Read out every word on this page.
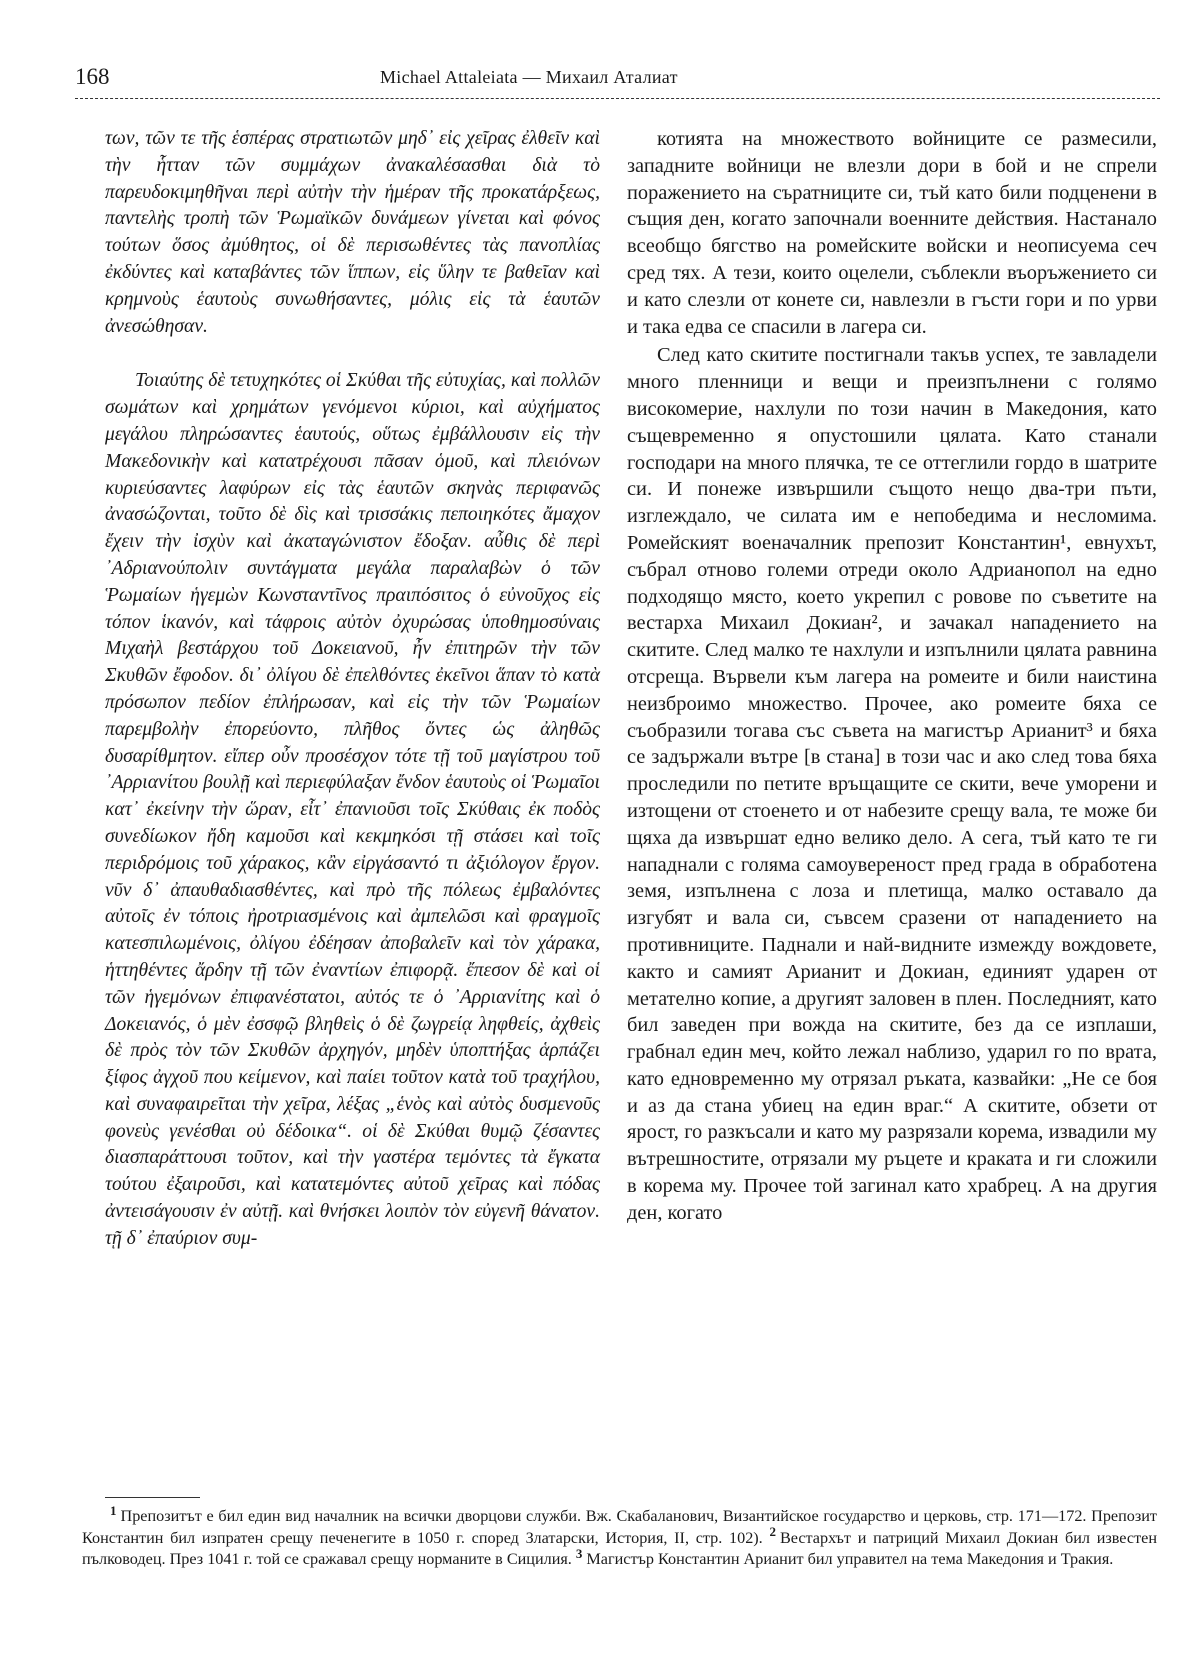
168	Michael Attaleiata — Михаил Аталиат

των, τῶν τε τῆς ἑσπέρας στρατιωτῶν μηδ᾽ εἰς χεῖρας ἐλθεῖν καὶ τὴν ἧτταν τῶν συμμάχων ἀνακαλέσασθαι διὰ τὸ παρευδοκιμηθῆναι περὶ αὐτὴν τὴν ἡμέραν τῆς προκατάρξεως, παντελὴς τροπὴ τῶν Ῥωμαϊκῶν δυνάμεων γίνεται καὶ φόνος τούτων ὅσος ἀμύθητος, οἱ δὲ περισωθέντες τὰς πανοπλίας ἐκδύντες καὶ καταβάντες τῶν ἵππων, εἰς ὕλην τε βαθεῖαν καὶ κρημνοὺς ἑαυτοὺς συνωθήσαντες, μόλις εἰς τὰ ἑαυτῶν ἀνεσώθησαν.

Τοιαύτης δὲ τετυχηκότες οἱ Σκύθαι τῆς εὐτυχίας, καὶ πολλῶν σωμάτων καὶ χρημάτων γενόμενοι κύριοι, καὶ αὐχήματος μεγάλου πληρώσαντες ἑαυτούς, οὕτως ἐμβάλλουσιν εἰς τὴν Μακεδονικὴν καὶ κατατρέχουσι πᾶσαν ὁμοῦ, καὶ πλειόνων κυριεύσαντες λαφύρων εἰς τὰς ἑαυτῶν σκηνὰς περιφανῶς ἀνασώζονται, τοῦτο δὲ δὶς καὶ τρισσάκις πεποιηκότες ἄμαχον ἔχειν τὴν ἰσχὺν καὶ ἀκαταγώνιστον ἔδοξαν. αὖθις δὲ περὶ ᾿Αδριανούπολιν συντάγματα μεγάλα παραλαβὼν ὁ τῶν Ῥωμαίων ἡγεμὼν Κωνσταντῖνος πραιπόσιτος ὁ εὐνοῦχος εἰς τόπον ἱκανόν, καὶ τάφροις αὐτὸν ὀχυρώσας ὑποθημοσύναις Μιχαὴλ βεστάρχου τοῦ Δοκειανοῦ, ἦν ἐπιτηρῶν τὴν τῶν Σκυθῶν ἔφοδον. δι᾽ ὀλίγου δὲ ἐπελθόντες ἐκεῖνοι ἅπαν τὸ κατὰ πρόσωπον πεδίον ἐπλήρωσαν, καὶ εἰς τὴν τῶν Ῥωμαίων παρεμβολὴν ἐπορεύοντο, πλῆθος ὄντες ὡς ἀληθῶς δυσαρίθμητον. εἴπερ οὖν προσέσχον τότε τῇ τοῦ μαγίστρου τοῦ ᾿Αρριανίτου βουλῇ καὶ περιεφύλαξαν ἔνδον ἑαυτοὺς οἱ Ῥωμαῖοι κατ᾽ ἐκείνην τὴν ὥραν, εἶτ᾽ ἐπανιοῦσι τοῖς Σκύθαις ἐκ ποδὸς συνεδίωκον ἤδη καμοῦσι καὶ κεκμηκόσι τῇ στάσει καὶ τοῖς περιδρόμοις τοῦ χάρακος, κἂν εἰργάσαντό τι ἀξιόλογον ἔργον. νῦν δ᾽ ἀπαυθαδιασθέντες, καὶ πρὸ τῆς πόλεως ἐμβαλόντες αὐτοῖς ἐν τόποις ἠροτριασμένοις καὶ ἀμπελῶσι καὶ φραγμοῖς κατεσπιλωμένοις, ὀλίγου ἐδέησαν ἀποβαλεῖν καὶ τὸν χάρακα, ἡττηθέντες ἄρδην τῇ τῶν ἐναντίων ἐπιφορᾷ. ἔπεσον δὲ καὶ οἱ τῶν ἡγεμόνων ἐπιφανέστατοι, αὐτός τε ὁ ᾿Αρριανίτης καὶ ὁ Δοκειανός, ὁ μὲν ἐσσφῷ βληθεὶς ὁ δὲ ζωγρείᾳ ληφθείς, ἀχθεὶς δὲ πρὸς τὸν τῶν Σκυθῶν ἀρχηγόν, μηδὲν ὑποπτήξας ἁρπάζει ξίφος ἀγχοῦ που κείμενον, καὶ παίει τοῦτον κατὰ τοῦ τραχήλου, καὶ συναφαιρεῖται τὴν χεῖρα, λέξας „ἑνὸς καὶ αὐτὸς δυσμενοῦς φονεὺς γενέσθαι οὐ δέδοικα“. οἱ δὲ Σκύθαι θυμῷ ζέσαντες διασπαράττουσι τοῦτον, καὶ τὴν γαστέρα τεμόντες τὰ ἔγκατα τούτου ἐξαιροῦσι, καὶ κατατεμόντες αὐτοῦ χεῖρας καὶ πόδας ἀντεισάγουσιν ἐν αὐτῇ. καὶ θνήσκει λοιπὸν τὸν εὐγενῆ θάνατον. τῇ δ᾽ ἐπαύριον συμ-

котията на множеството войниците се размесили, западните войници не влезли дори в бой и не спрели поражението на съратниците си, тъй като били подценени в същия ден, когато започнали военните действия. Настанало всеобщо бягство на ромейските войски и неописуема сеч сред тях. А тези, които оцелели, съблекли въоръжението си и като слезли от конете си, навлезли в гъсти гори и по урви и така едва се спасили в лагера си.

След като скитите постигнали такъв успех, те завладели много пленници и вещи и преизпълнени с голямо високомерие, нахлули по този начин в Македония, като същевременно я опустошили цялата. Като станали господари на много плячка, те се оттеглили гордо в шатрите си. И понеже извършили същото нещо два-три пъти, изглеждало, че силата им е непобедима и несломима. Ромейският военачалник препозит Константин¹, евнухът, събрал отново големи отреди около Адрианопол на едно подходящо място, което укрепил с ровове по съветите на вестарха Михаил Докиан², и зачакал нападението на скитите. След малко те нахлули и изпълнили цялата равнина отсреща. Вървели към лагера на ромеите и били наистина неизброимо множество. Прочее, ако ромеите бяха се съобразили тогава със съвета на магистър Арианит³ и бяха се задържали вътре [в стана] в този час и ако след това бяха проследили по петите връщащите се скити, вече уморени и изтощени от стоенето и от набезите срещу вала, те може би щяха да извършат едно велико дело. А сега, тъй като те ги нападнали с голяма самоувереност пред града в обработена земя, изпълнена с лоза и плетища, малко оставало да изгубят и вала си, съвсем сразени от нападението на противниците. Паднали и най-видните измежду вождовете, както и самият Арианит и Докиан, единият ударен от метателно копие, а другият заловен в плен. Последният, като бил заведен при вожда на скитите, без да се изплаши, грабнал един меч, който лежал наблизо, ударил го по врата, като едновременно му отрязал ръката, казвайки: „Не се боя и аз да стана убиец на един враг.“ А скитите, обзети от ярост, го разкъсали и като му разрязали корема, извадили му вътрешностите, отрязали му ръцете и краката и ги сложили в корема му. Прочее той загинал като храбрец. А на другия ден, когато

$^1$ Препозитът е бил един вид началник на всички дворцови служби. Вж. Скабаланович, Византийское государство и церковь, стр. 171—172. Препозит Константин бил изпратен срещу печенегите в 1050 г. според Златарски, История, II, стр. 102). $^2$ Вестархът и патриций Михаил Докиан бил известен пълководец. През 1041 г. той се сражавал срещу норманите в Сицилия. $^3$ Магистър Константин Арианит бил управител на тема Македония и Тракия.
